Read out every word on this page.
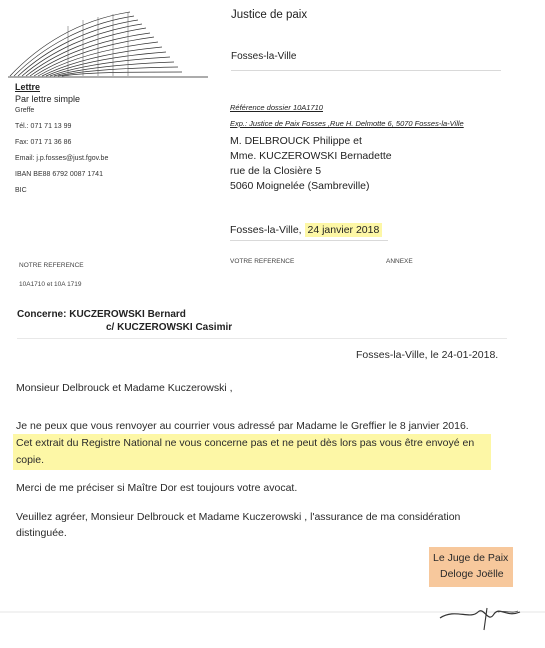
Justice de paix
Fosses-la-Ville
Lettre
Par lettre simple
Greffe
Tél.: 071 71 13 99
Fax: 071 71 36 86
Email: j.p.fosses@just.fgov.be
IBAN BE88 6792 0087 1741
BIC
Référence dossier 10A1710
Exp.: Justice de Paix Fosses ,Rue H. Delmotte 6, 5070 Fosses-la-Ville
M. DELBROUCK Philippe et
Mme. KUCZEROWSKI Bernadette
rue de la Closière 5
5060 Moignelée (Sambreville)
Fosses-la-Ville, 24 janvier 2018
NOTRE REFERENCE
VOTRE REFERENCE	ANNEXE
10A1710 et 10A 1719
Concerne: KUCZEROWSKI Bernard
c/ KUCZEROWSKI Casimir
Fosses-la-Ville, le 24-01-2018.
Monsieur Delbrouck et Madame Kuczerowski ,
Je ne peux que vous renvoyer au courrier vous adressé par Madame le Greffier le 8 janvier 2016.
Cet extrait du Registre National ne vous concerne pas et ne peut dès lors pas vous être envoyé en
copie.
Merci de me préciser si Maître Dor est toujours votre avocat.
Veuillez agréer, Monsieur Delbrouck et Madame Kuczerowski , l'assurance de ma considération
distinguée.
Le Juge de Paix
Deloge Joëlle
